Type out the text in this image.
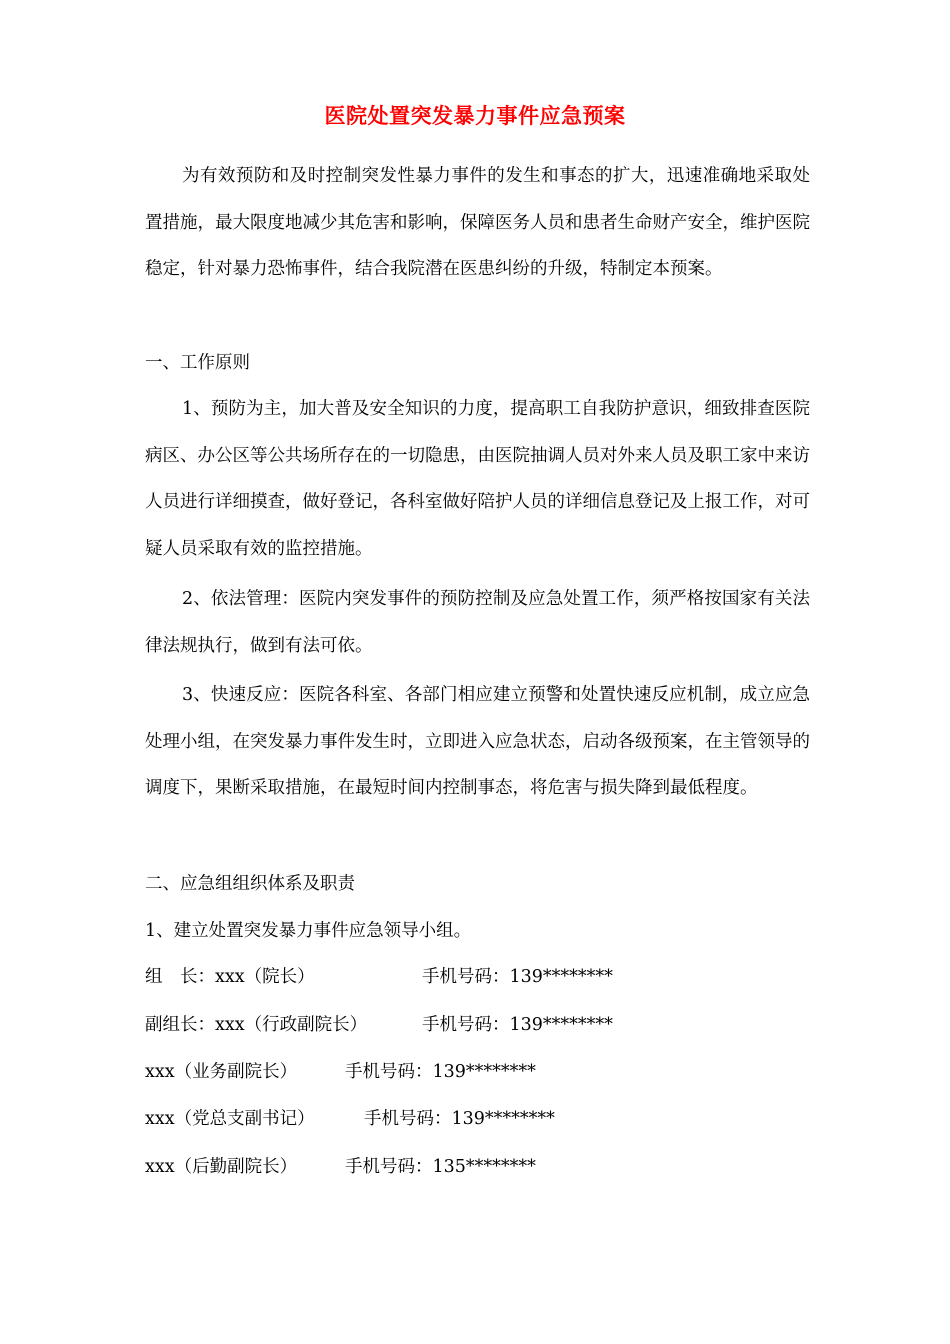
医院处置突发暴力事件应急预案
为有效预防和及时控制突发性暴力事件的发生和事态的扩大，迅速准确地采取处置措施，最大限度地减少其危害和影响，保障医务人员和患者生命财产安全，维护医院稳定，针对暴力恐怖事件，结合我院潜在医患纠纷的升级，特制定本预案。
一、工作原则
1、预防为主，加大普及安全知识的力度，提高职工自我防护意识，细致排查医院病区、办公区等公共场所存在的一切隐患，由医院抽调人员对外来人员及职工家中来访人员进行详细摸查，做好登记，各科室做好陪护人员的详细信息登记及上报工作，对可疑人员采取有效的监控措施。
2、依法管理：医院内突发事件的预防控制及应急处置工作，须严格按国家有关法律法规执行，做到有法可依。
3、快速反应：医院各科室、各部门相应建立预警和处置快速反应机制，成立应急处理小组，在突发暴力事件发生时，立即进入应急状态，启动各级预案，在主管领导的调度下，果断采取措施，在最短时间内控制事态，将危害与损失降到最低程度。
二、应急组组织体系及职责
1、建立处置突发暴力事件应急领导小组。
组　长：xxx（院长）	手机号码：139********
副组长：xxx（行政副院长）	手机号码：139********
xxx（业务副院长）	手机号码：139********
xxx（党总支副书记）	手机号码：139********
xxx（后勤副院长）	手机号码：135********
